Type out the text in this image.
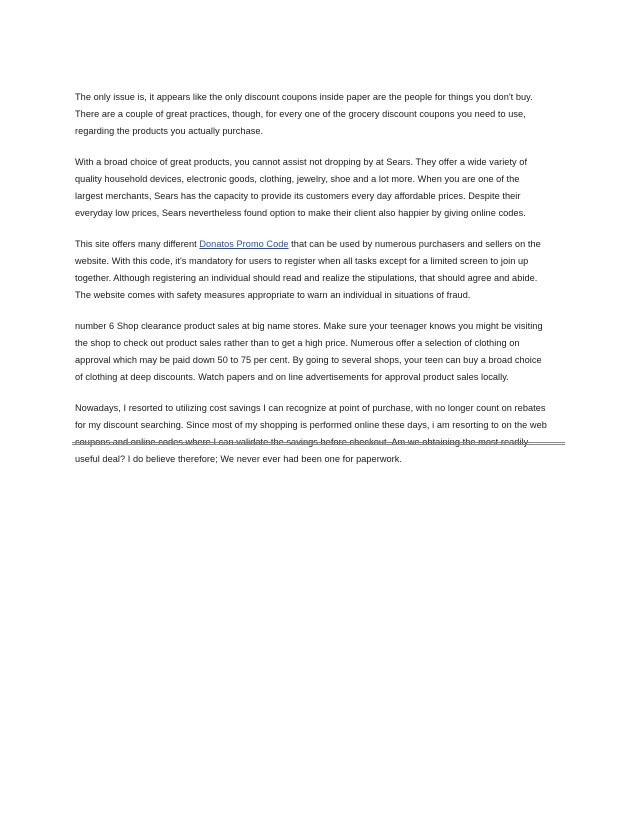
The only issue is, it appears like the only discount coupons inside paper are the people for things you don't buy.
There are a couple of great practices, though, for every one of the grocery discount coupons you need to use,
regarding the products you actually purchase.

With a broad choice of great products, you cannot assist not dropping by at Sears. They offer a wide variety of
quality household devices, electronic goods, clothing, jewelry, shoe and a lot more. When you are one of the
largest merchants, Sears has the capacity to provide its customers every day affordable prices. Despite their
everyday low prices, Sears nevertheless found option to make their client also happier by giving online codes.

This site offers many different Donatos Promo Code that can be used by numerous purchasers and sellers on the
website. With this code, it's mandatory for users to register when all tasks except for a limited screen to join up
together. Although registering an individual should read and realize the stipulations, that should agree and abide.
The website comes with safety measures appropriate to warn an individual in situations of fraud.

number 6 Shop clearance product sales at big name stores. Make sure your teenager knows you might be visiting
the shop to check out product sales rather than to get a high price. Numerous offer a selection of clothing on
approval which may be paid down 50 to 75 per cent. By going to several shops, your teen can buy a broad choice
of clothing at deep discounts. Watch papers and on line advertisements for approval product sales locally.

Nowadays, I resorted to utilizing cost savings I can recognize at point of purchase, with no longer count on rebates
for my discount searching. Since most of my shopping is performed online these days, i am resorting to on the web
coupons and online codes where I can validate the savings before checkout. Am we obtaining the most readily
useful deal? I do believe therefore; We never ever had been one for paperwork.
